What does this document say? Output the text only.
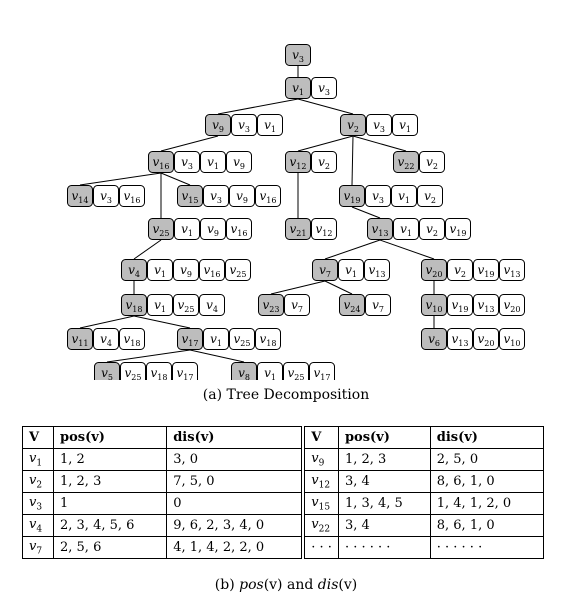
$v_3$
$v_1$ $v_3$
$v_9$ $v_3$ $v_1$	$v_2$ $v_3$ $v_1$
$v_{16}$ $v_3$ $v_1$ $v_9$	$v_{12}$ $v_2$	$v_{22}$ $v_2$
$v_{14}$ $v_3$ $v_{16}$	$v_{15}$ $v_3$ $v_9$ $v_{16}$	$v_{19}$ $v_3$ $v_1$ $v_2$
$v_{25}$ $v_1$ $v_9$ $v_{16}$	$v_{21}$ $v_{12}$	$v_{13}$ $v_1$ $v_2$ $v_{19}$
$v_4$ $v_1$ $v_9$ $v_{16}$ $v_{25}$	$v_7$ $v_1$ $v_{13}$	$v_{20}$ $v_2$ $v_{19}$ $v_{13}$
$v_{18}$ $v_1$ $v_{25}$ $v_4$	$v_{23}$ $v_7$	$v_{24}$ $v_7$	$v_{10}$ $v_{19}$ $v_{13}$ $v_{20}$
$v_{11}$ $v_4$ $v_{18}$	$v_{17}$ $v_1$ $v_{25}$ $v_{18}$	$v_6$ $v_{13}$ $v_{20}$ $v_{10}$
$v_5$ $v_{25}$ $v_{18}$ $v_{17}$	$v_8$ $v_1$ $v_{25}$ $v_{17}$
(a) Tree Decomposition
V	pos(v)	dis(v)	V	pos(v)	dis(v)
$v_1$	1, 2	3, 0	$v_9$	1, 2, 3	2, 5, 0
$v_2$	1, 2, 3	7, 5, 0	$v_{12}$	3, 4	8, 6, 1, 0
$v_3$	1	0	$v_{15}$	1, 3, 4, 5	1, 4, 1, 2, 0
$v_4$	2, 3, 4, 5, 6	9, 6, 2, 3, 4, 0	$v_{22}$	3, 4	8, 6, 1, 0
$v_7$	2, 5, 6	4, 1, 4, 2, 2, 0	· · ·	· · · · · ·	· · · · · ·
(b) pos(v) and dis(v)
